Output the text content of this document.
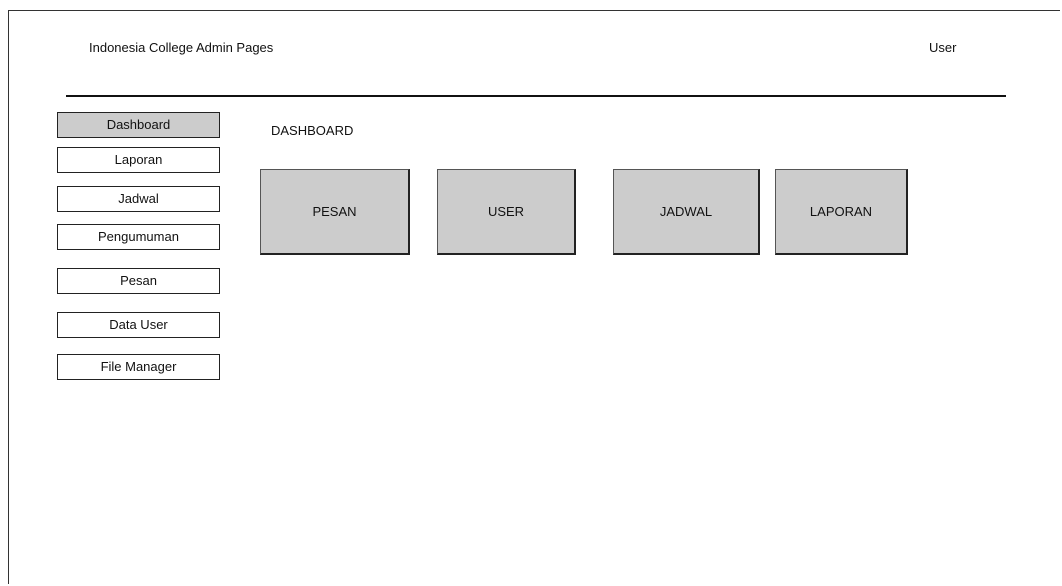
Indonesia College Admin Pages	User
Dashboard
Laporan
Jadwal
Pengumuman
Pesan
Data User
File Manager
DASHBOARD
PESAN	USER	JADWAL	LAPORAN
